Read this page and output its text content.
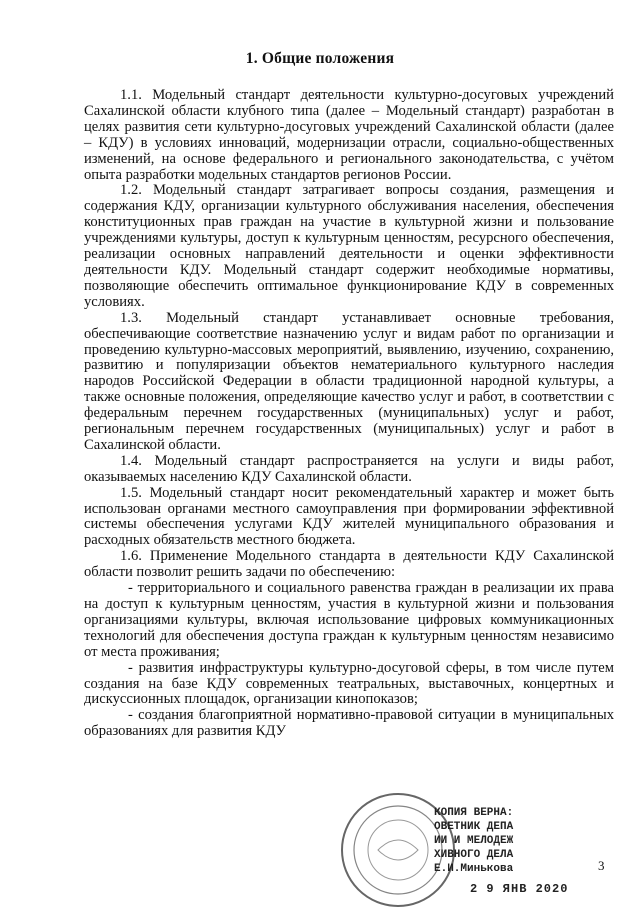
1. Общие положения

1.1. Модельный стандарт деятельности культурно-досуговых учреждений Сахалинской области клубного типа (далее – Модельный стандарт) разработан в целях развития сети культурно-досуговых учреждений Сахалинской области (далее – КДУ) в условиях инноваций, модернизации отрасли, социально-общественных изменений, на основе федерального и регионального законодательства, с учётом опыта разработки модельных стандартов регионов России.

1.2. Модельный стандарт затрагивает вопросы создания, размещения и содержания КДУ, организации культурного обслуживания населения, обеспечения конституционных прав граждан на участие в культурной жизни и пользование учреждениями культуры, доступ к культурным ценностям, ресурсного обеспечения, реализации основных направлений деятельности и оценки эффективности деятельности КДУ. Модельный стандарт содержит необходимые нормативы, позволяющие обеспечить оптимальное функционирование КДУ в современных условиях.

1.3. Модельный стандарт устанавливает основные требования, обеспечивающие соответствие назначению услуг и видам работ по организации и проведению культурно-массовых мероприятий, выявлению, изучению, сохранению, развитию и популяризации объектов нематериального культурного наследия народов Российской Федерации в области традиционной народной культуры, а также основные положения, определяющие качество услуг и работ, в соответствии с федеральным перечнем государственных (муниципальных) услуг и работ, региональным перечнем государственных (муниципальных) услуг и работ в Сахалинской области.

1.4. Модельный стандарт распространяется на услуги и виды работ, оказываемых населению КДУ Сахалинской области.

1.5. Модельный стандарт носит рекомендательный характер и может быть использован органами местного самоуправления при формировании эффективной системы обеспечения услугами КДУ жителей муниципального образования и расходных обязательств местного бюджета.

1.6. Применение Модельного стандарта в деятельности КДУ Сахалинской области позволит решить задачи по обеспечению:

- территориального и социального равенства граждан в реализации их права на доступ к культурным ценностям, участия в культурной жизни и пользования организациями культуры, включая использование цифровых коммуникационных технологий для обеспечения доступа граждан к культурным ценностям независимо от места проживания;

- развития инфраструктуры культурно-досуговой сферы, в том числе путем создания на базе КДУ современных театральных, выставочных, концертных и дискуссионных площадок, организации кинопоказов;

- создания благоприятной нормативно-правовой ситуации в муниципальных образованиях для развития КДУ

КОПИЯ ВЕРНА:
ОВЕТНИК ДЕПА
ИИ И МЕЛОДЕЖ
ХИВНОГО ДЕЛА
Е.И.Минькова	3
2 9 ЯНВ 2020
